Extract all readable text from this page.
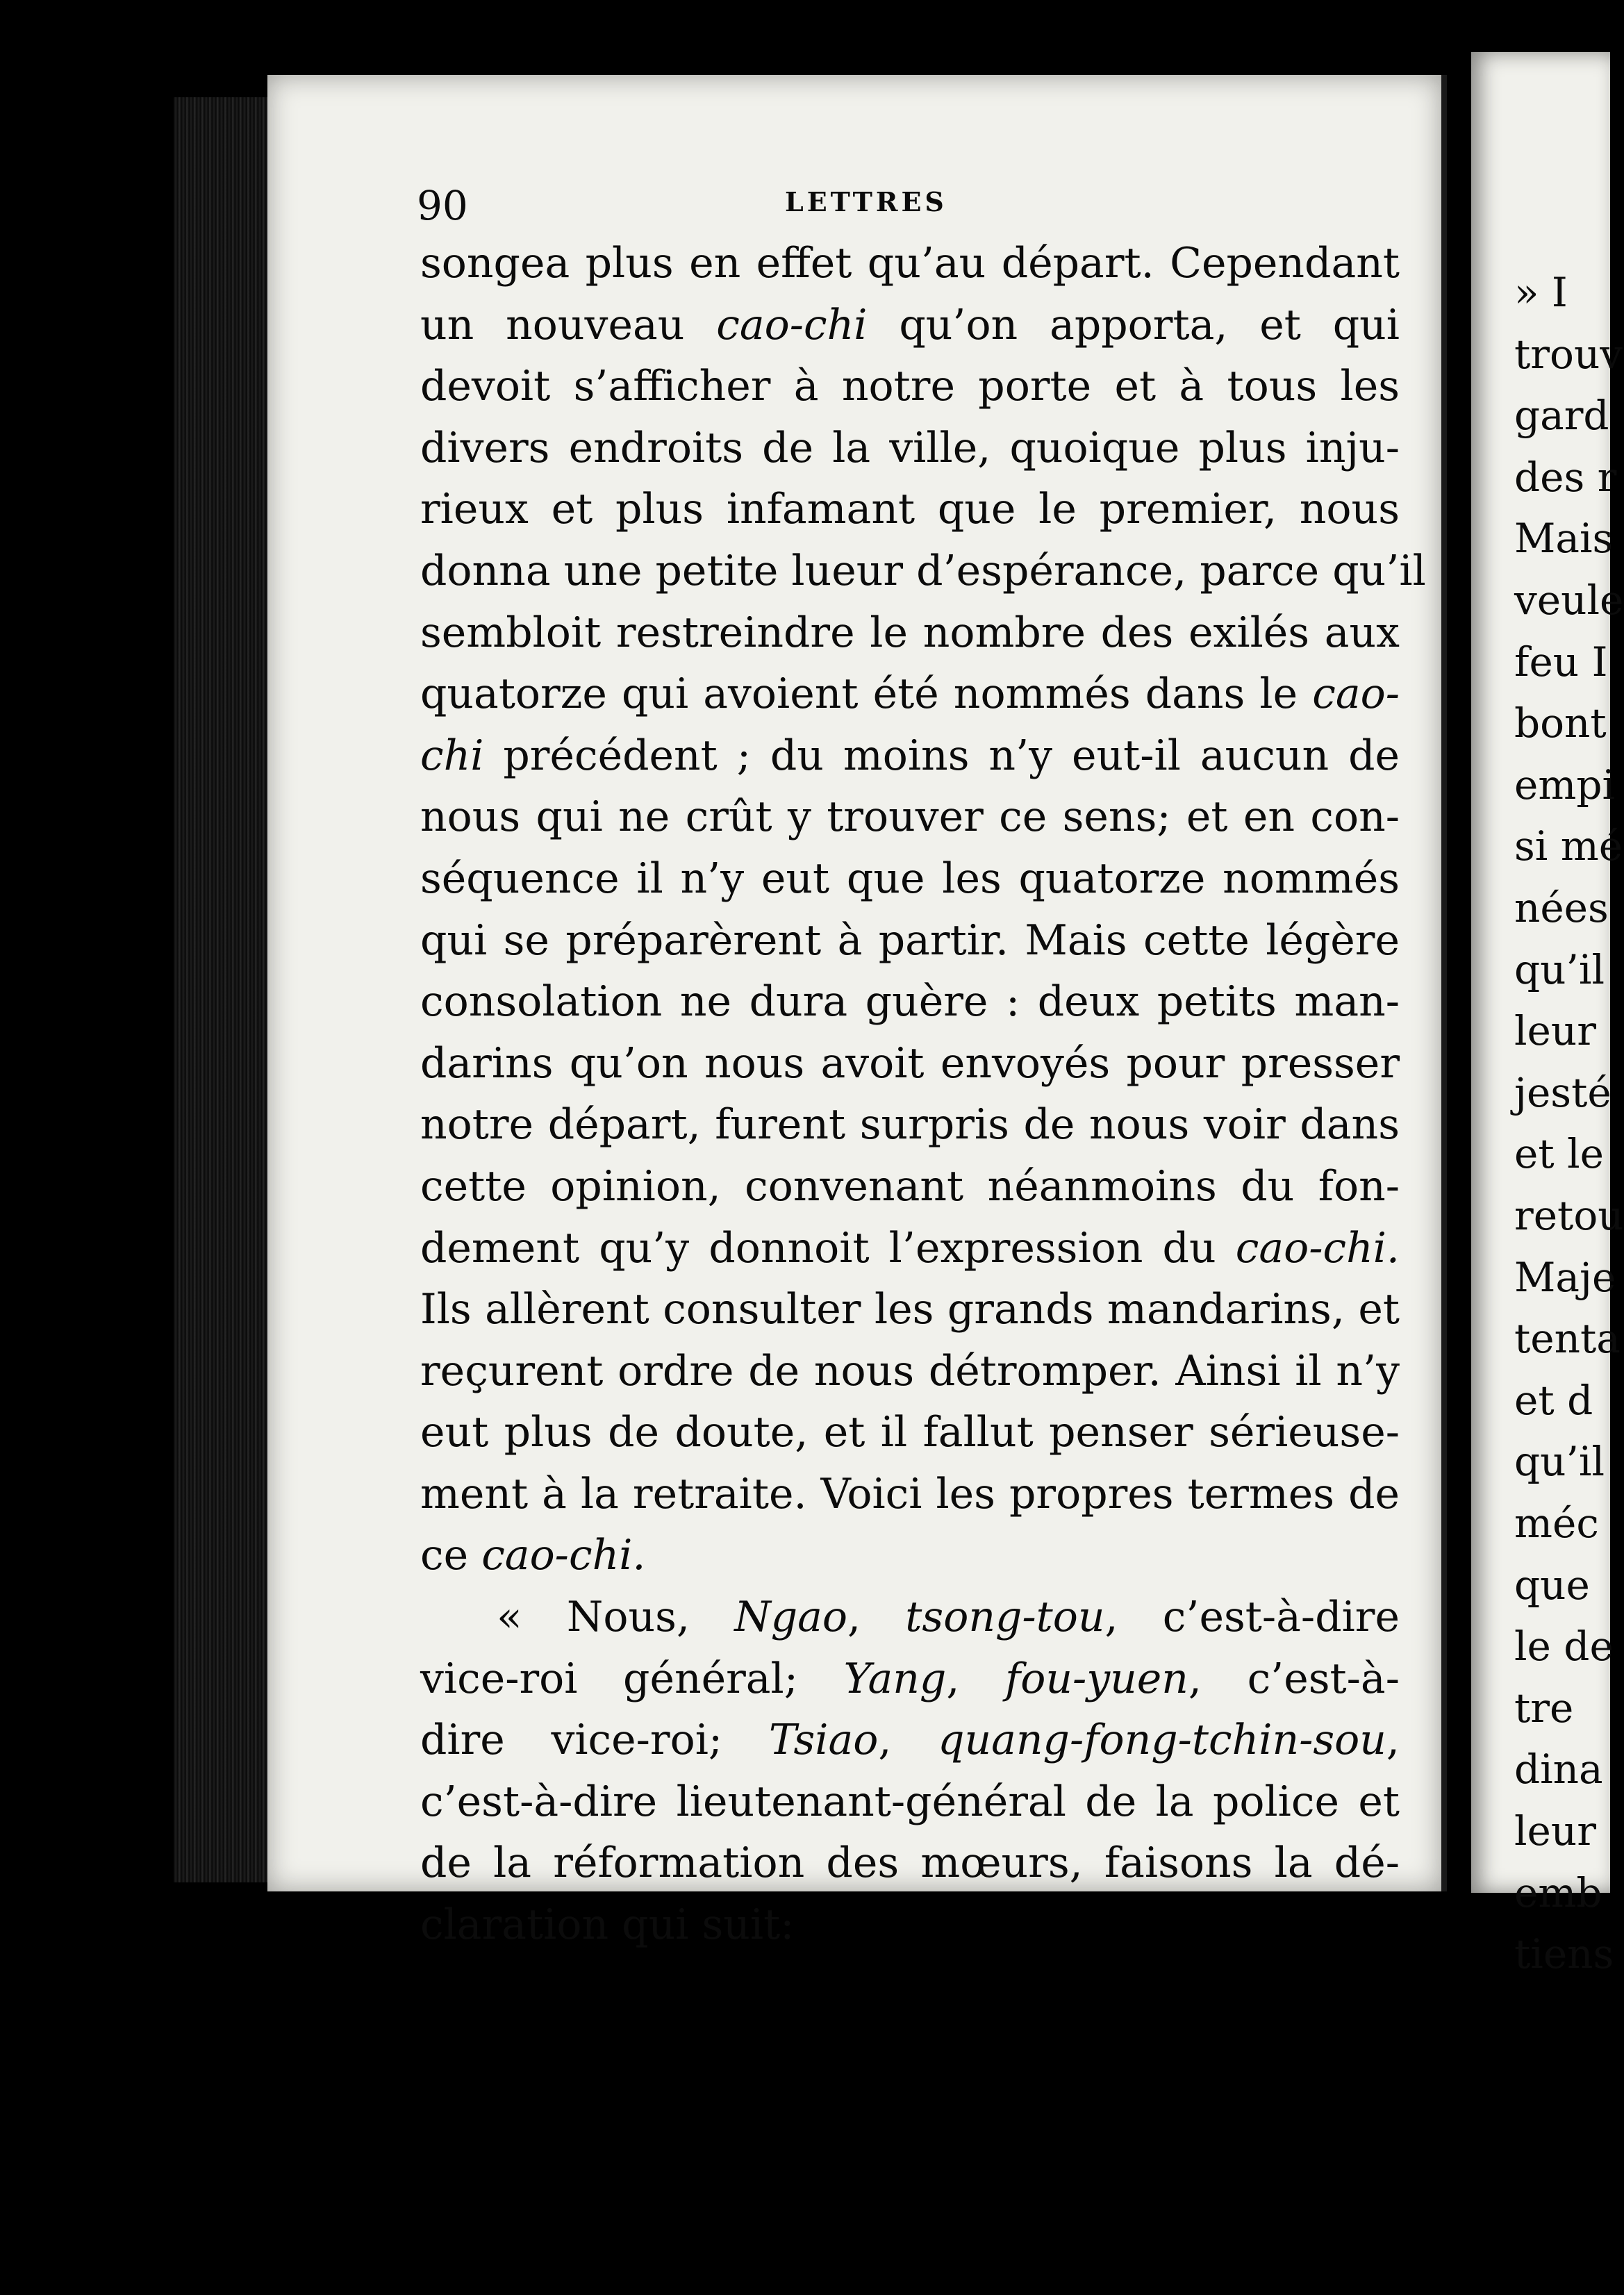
90	LETTRES
songea plus en effet qu’au départ. Cependant
un nouveau cao-chi qu’on apporta, et qui
devoit s’afficher à notre porte et à tous les
divers endroits de la ville, quoique plus inju-
rieux et plus infamant que le premier, nous
donna une petite lueur d’espérance, parce qu’il
sembloit restreindre le nombre des exilés aux
quatorze qui avoient été nommés dans le cao-
chi précédent ; du moins n’y eut-il aucun de
nous qui ne crût y trouver ce sens; et en con-
séquence il n’y eut que les quatorze nommés
qui se préparèrent à partir. Mais cette légère
consolation ne dura guère : deux petits man-
darins qu’on nous avoit envoyés pour presser
notre départ, furent surpris de nous voir dans
cette opinion, convenant néanmoins du fon-
dement qu’y donnoit l’expression du cao-chi.
Ils allèrent consulter les grands mandarins, et
reçurent ordre de nous détromper. Ainsi il n’y
eut plus de doute, et il fallut penser sérieuse-
ment à la retraite. Voici les propres termes de
ce cao-chi.
« Nous, Ngao, tsong-tou, c’est-à-dire
vice-roi général; Yang, fou-yuen, c’est-à-
dire vice-roi; Tsiao, quang-fong-tchin-sou,
c’est-à-dire lieutenant-général de la police et
de la réformation des mœurs, faisons la dé-
claration qui suit:
» I
trouv
gard
des r
Mais
veule
feu I
bont
empi
si mé
nées
qu’il
leur
jesté
et le
retou
Maje
tenta
et d
qu’il
méc
que
le de
tre
dina
leur
emb
tiens
